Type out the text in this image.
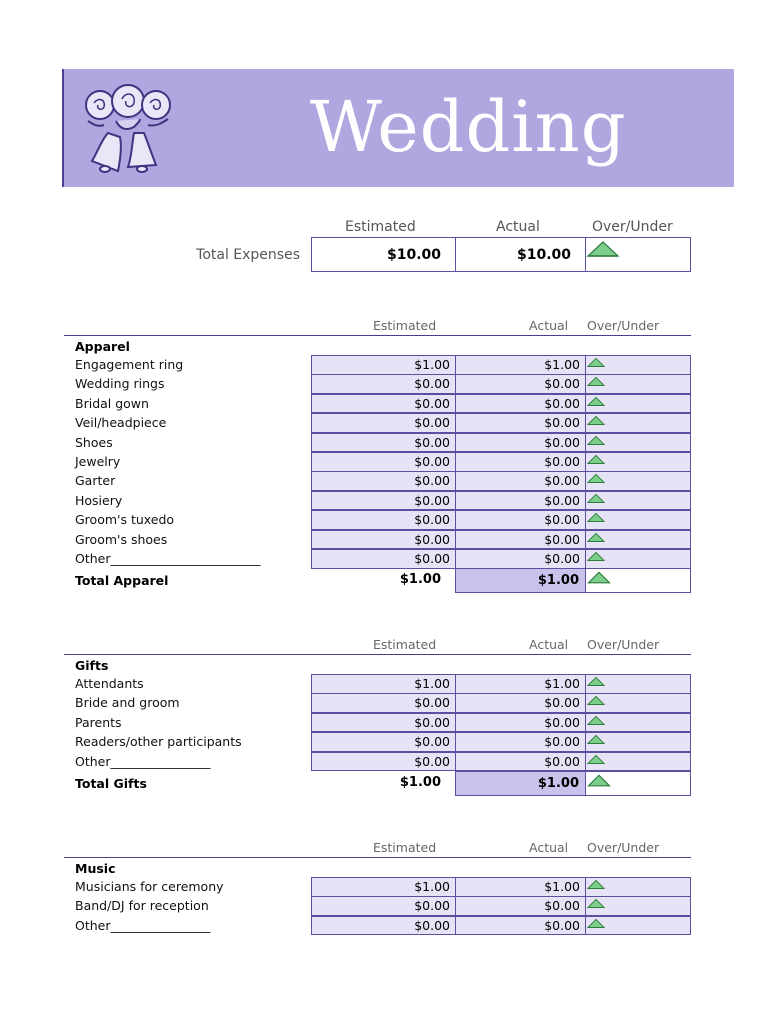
Wedding
Estimated	Actual	Over/Under
Total Expenses	$10.00	$10.00
Estimated	Actual Over/Under
Apparel
Engagement ring	$1.00	$1.00
Wedding rings	$0.00	$0.00
Bridal gown	$0.00	$0.00
Veil/headpiece	$0.00	$0.00
Shoes	$0.00	$0.00
Jewelry	$0.00	$0.00
Garter	$0.00	$0.00
Hosiery	$0.00	$0.00
Groom's tuxedo	$0.00	$0.00
Groom's shoes	$0.00	$0.00
Other________________________	$0.00	$0.00
Total Apparel	$1.00	$1.00
Estimated	Actual Over/Under
Gifts
Attendants	$1.00	$1.00
Bride and groom	$0.00	$0.00
Parents	$0.00	$0.00
Readers/other participants	$0.00	$0.00
Other________________	$0.00	$0.00
Total Gifts	$1.00	$1.00
Estimated	Actual Over/Under
Music
Musicians for ceremony	$1.00	$1.00
Band/DJ for reception	$0.00	$0.00
Other________________	$0.00	$0.00
